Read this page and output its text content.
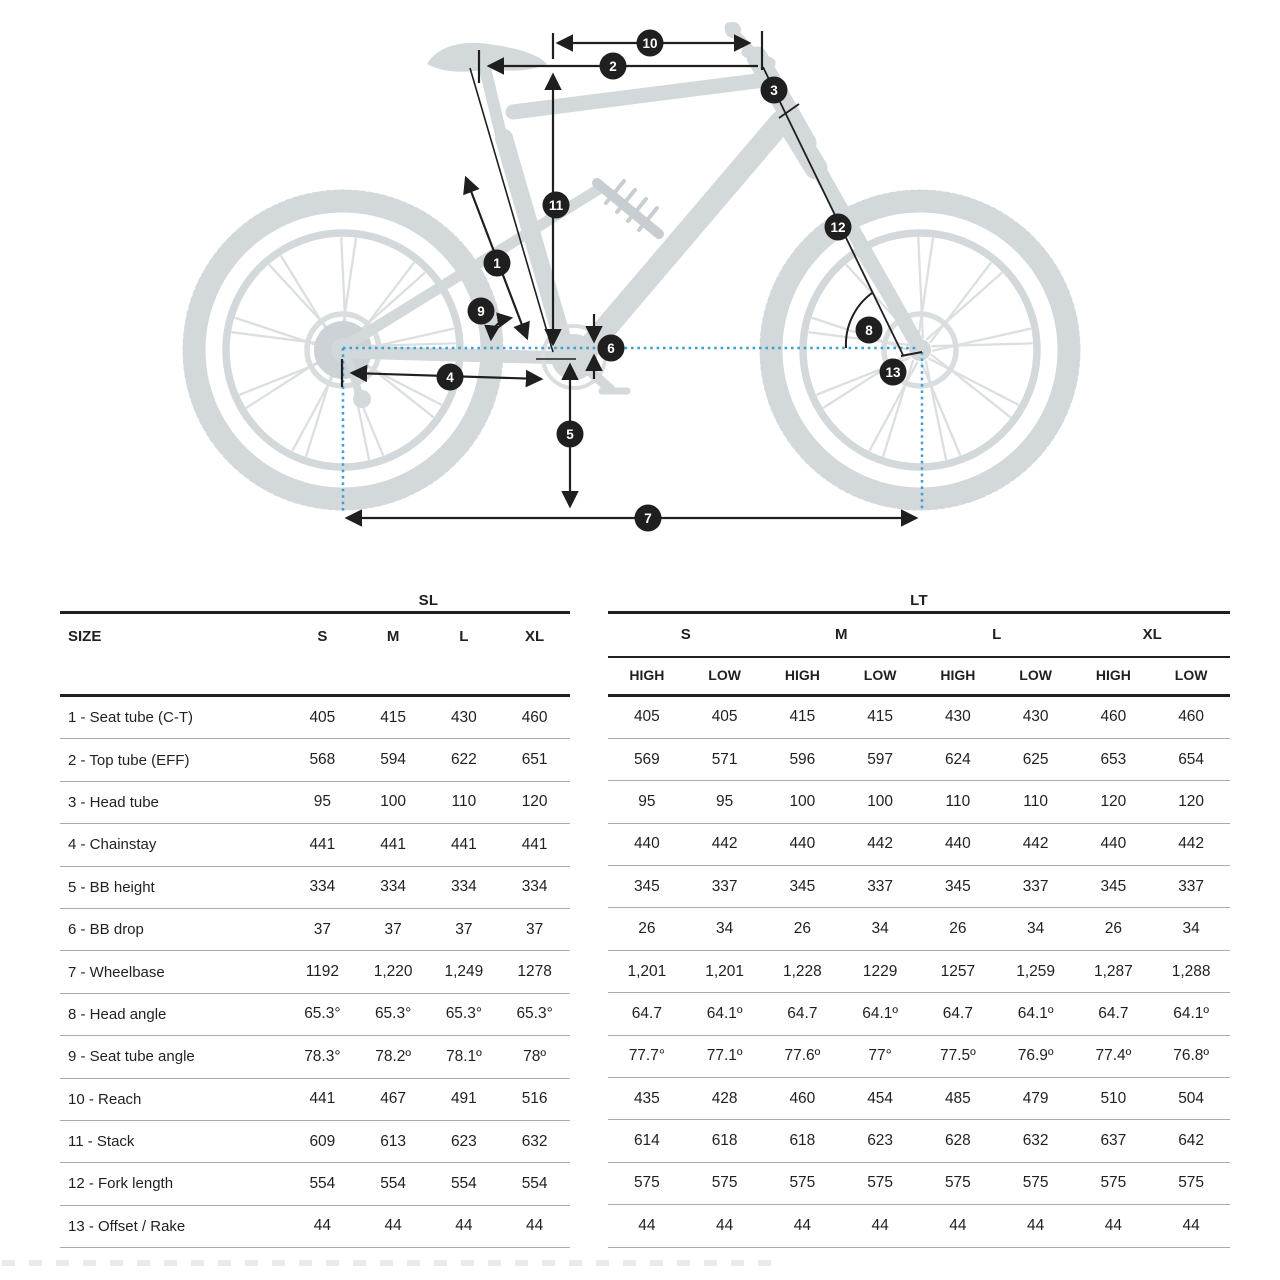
1
2
3
4
5
6
7
8
9
10
11
12
13
SL
SIZE	S	M	L	XL
1 - Seat tube (C-T)	405	415	430	460
2 - Top tube (EFF)	568	594	622	651
3 - Head tube	95	100	110	120
4 - Chainstay	441	441	441	441
5 - BB height	334	334	334	334
6 - BB drop	37	37	37	37
7 - Wheelbase	1192	1,220	1,249	1278
8 - Head angle	65.3°	65.3°	65.3°	65.3°
9 - Seat tube angle	78.3°	78.2º	78.1º	78º
10 - Reach	441	467	491	516
11 - Stack	609	613	623	632
12 - Fork length	554	554	554	554
13 - Offset / Rake	44	44	44	44
LT
S	M	L	XL
HIGH	LOW	HIGH	LOW	HIGH	LOW	HIGH	LOW
405	405	415	415	430	430	460	460
569	571	596	597	624	625	653	654
95	95	100	100	110	110	120	120
440	442	440	442	440	442	440	442
345	337	345	337	345	337	345	337
26	34	26	34	26	34	26	34
1,201	1,201	1,228	1229	1257	1,259	1,287	1,288
64.7	64.1º	64.7	64.1º	64.7	64.1º	64.7	64.1º
77.7°	77.1º	77.6º	77°	77.5º	76.9º	77.4º	76.8º
435	428	460	454	485	479	510	504
614	618	618	623	628	632	637	642
575	575	575	575	575	575	575	575
44	44	44	44	44	44	44	44
